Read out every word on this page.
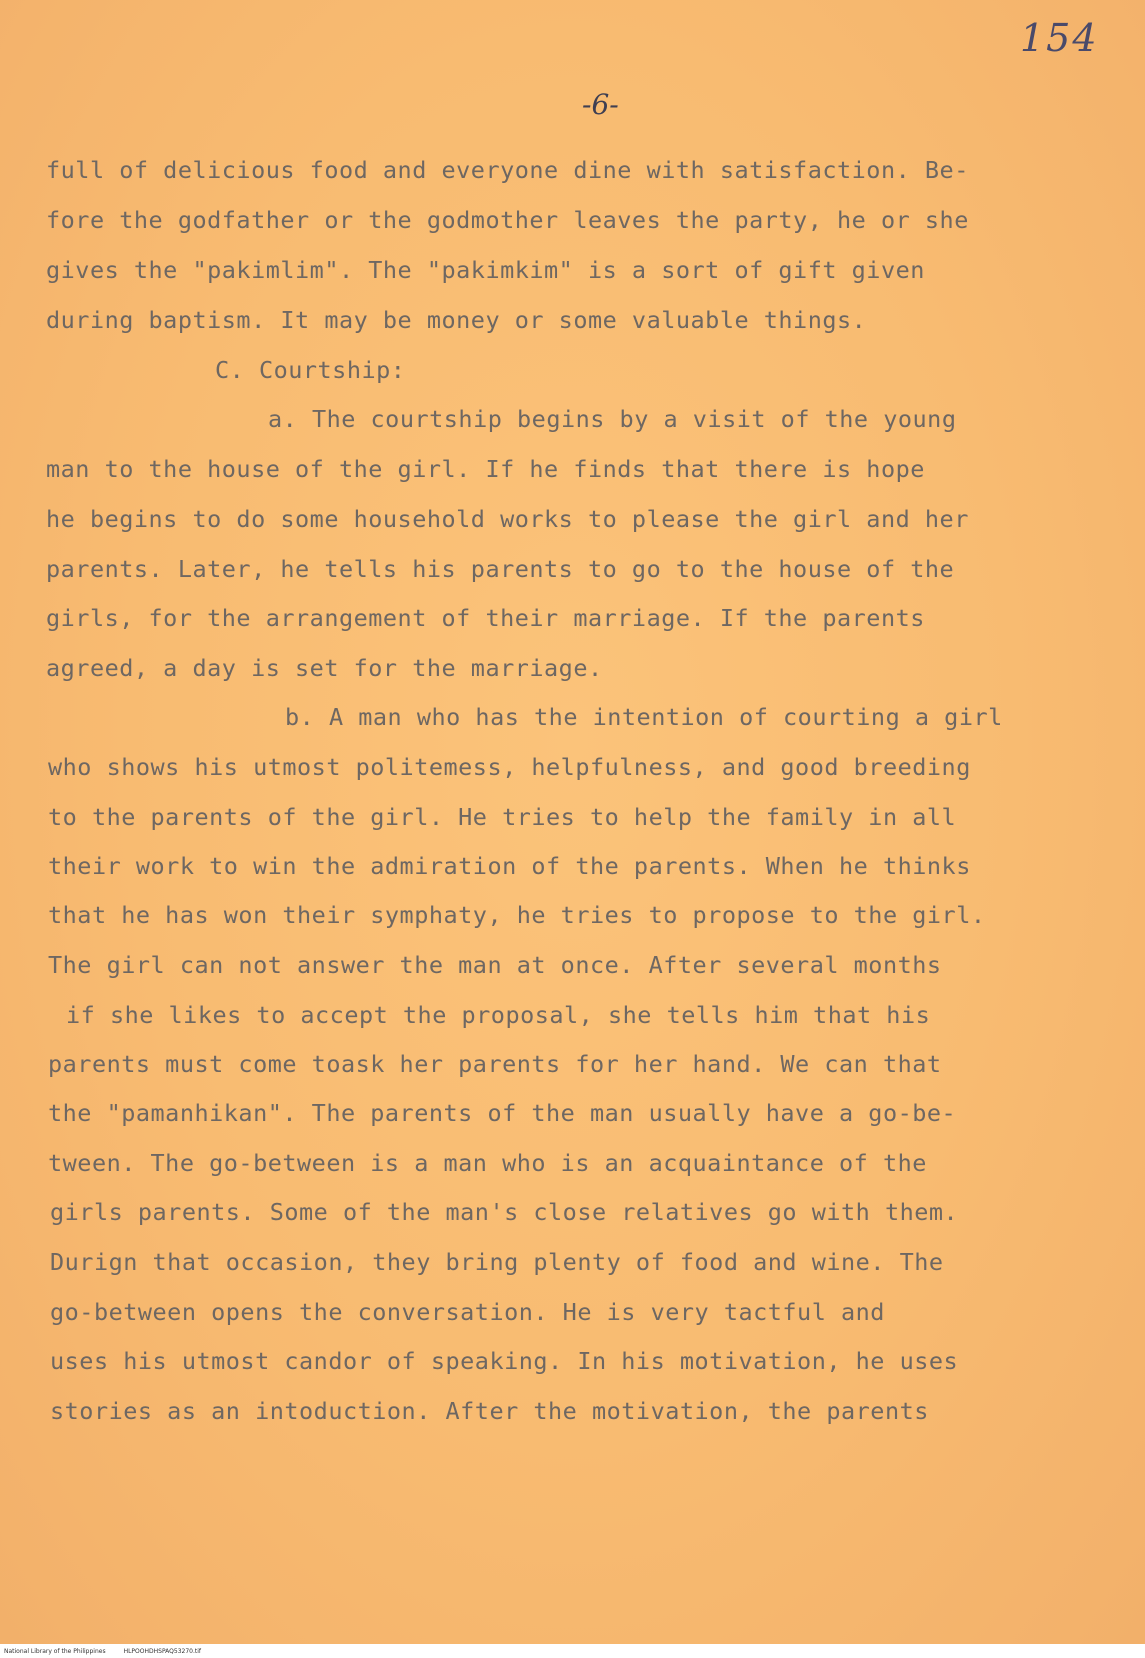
154
-6-
full of delicious food and everyone dine with satisfaction. Be-
fore the godfather or the godmother leaves the party, he or she
gives the "pakimlim". The "pakimkim" is a sort of gift given
during baptism. It may be money or some valuable things.
C. Courtship:
a. The courtship begins by a visit of the young
man to the house of the girl. If he finds that there is hope
he begins to do some household works to please the girl and her
parents. Later, he tells his parents to go to the house of the
girls, for the arrangement of their marriage. If the parents
agreed, a day is set for the marriage.
b. A man who has the intention of courting a girl
who shows his utmost politemess, helpfulness, and good breeding
to the parents of the girl. He tries to help the family in all
their work to win the admiration of the parents. When he thinks
that he has won their symphaty, he tries to propose to the girl.
The girl can not answer the man at once. After several months
if she likes to accept the proposal, she tells him that his
parents must come toask her parents for her hand. We can that
the "pamanhikan". The parents of the man usually have a go-be-
tween. The go-between is a man who is an acquaintance of the
girls parents. Some of the man's close relatives go with them.
Durign that occasion, they bring plenty of food and wine. The
go-between opens the conversation. He is very tactful and
uses his utmost candor of speaking. In his motivation, he uses
stories as an intoduction. After the motivation, the parents
National Library of the Philippines	HLPOOHDHSPAQ53270.tif
